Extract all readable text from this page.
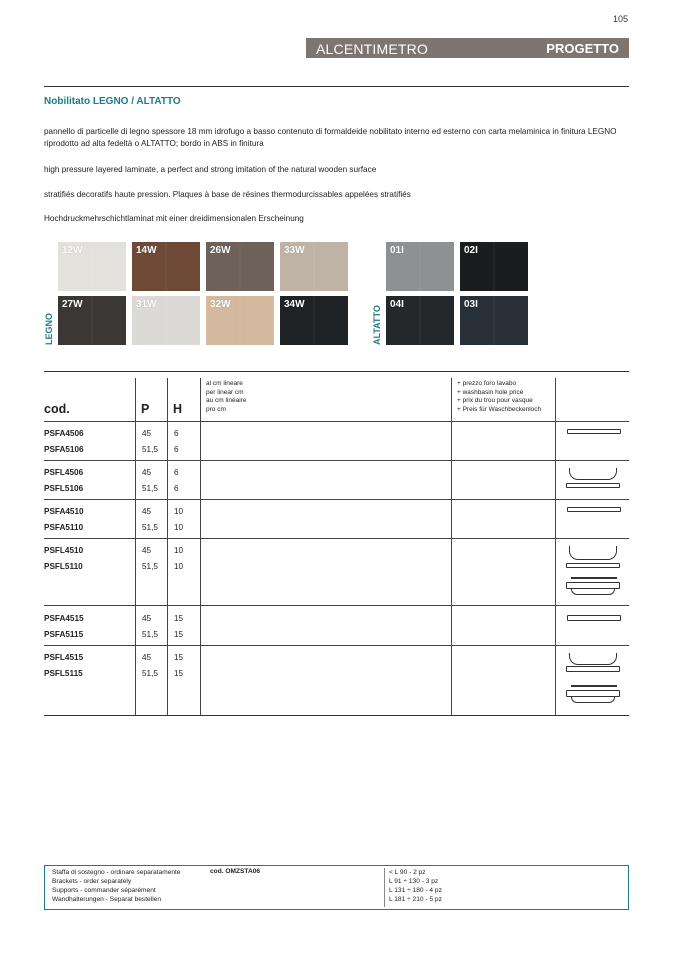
105
ALCENTIMETRO	PROGETTO
Nobilitato LEGNO / ALTATTO
pannello di particelle di legno spessore 18 mm idrofugo a basso contenuto di formaldeide nobilitato interno ed esterno con carta melaminica in finitura LEGNO riprodotto ad alta fedeltà o ALTATTO; bordo in ABS in finitura
high pressure layered laminate, a perfect and strong imitation of the natural wooden surface
stratifiés decoratifs haute pression. Plaques à base de résines thermodurcissables appelées stratifiés
Hochdruckmehrschichtlaminat mit einer dreidimensionalen Erscheinung
12W	14W	26W	33W
27W	31W	32W	34W
LEGNO
01I	02I
04I	03I
ALTATTO
cod.	P H
al cm lineare
per linear cm
au cm linéaire
pro cm
+ prezzo foro lavabo
+ washbasin hole price
+ prix du trou pour vasque
+ Preis für Waschbeckenloch
PSFA4506	45	6
PSFA5106	51,5 6
PSFL4506	45	6
PSFL5106	51,5 6
PSFA4510	45	10
PSFA5110	51,5 10
PSFL4510	45	10
PSFL5110	51,5 10
PSFA4515	45	15
PSFA5115	51,5 15
PSFL4515	45	15
PSFL5115	51,5 15
Staffa di sostegno - ordinare separatamente
Brackets - order separately
Supports - commander séparément
Wandhalterungen - Separat bestellen
cod. OMZSTA06	< L 90 - 2 pz
L 91 ÷ 130 - 3 pz
L 131 ÷ 180 - 4 pz
L 181 ÷ 210 - 5 pz
